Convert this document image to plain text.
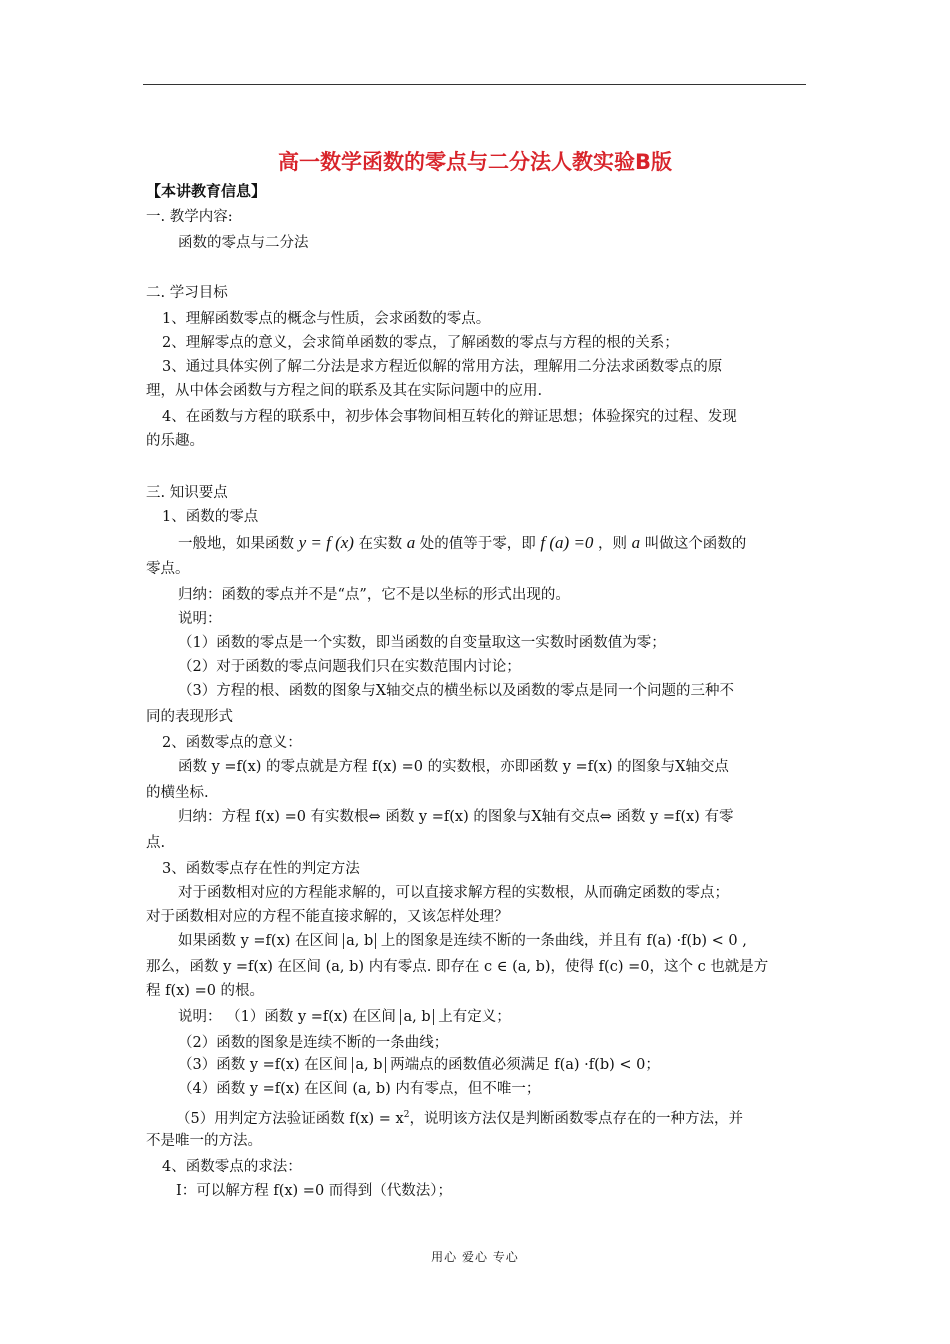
高一数学函数的零点与二分法人教实验B版
【本讲教育信息】
一. 教学内容:
函数的零点与二分法
二. 学习目标
1、理解函数零点的概念与性质，会求函数的零点。
2、理解零点的意义，会求简单函数的零点，了解函数的零点与方程的根的关系；
3、通过具体实例了解二分法是求方程近似解的常用方法，理解用二分法求函数零点的原
理，从中体会函数与方程之间的联系及其在实际问题中的应用.
4、在函数与方程的联系中，初步体会事物间相互转化的辩证思想；体验探究的过程、发现
的乐趣。
三. 知识要点
1、函数的零点
一般地，如果函数 y = f (x) 在实数 a 处的值等于零，即 f (a) =0 ，则 a 叫做这个函数的
零点。
归纳：函数的零点并不是“点”，它不是以坐标的形式出现的。
说明：
（1）函数的零点是一个实数，即当函数的自变量取这一实数时函数值为零；
（2）对于函数的零点问题我们只在实数范围内讨论；
（3）方程的根、函数的图象与X轴交点的横坐标以及函数的零点是同一个问题的三种不
同的表现形式
2、函数零点的意义：
函数 y =f(x) 的零点就是方程 f(x) =0 的实数根，亦即函数 y =f(x) 的图象与X轴交点
的横坐标.
归纳：方程 f(x) =0 有实数根⇔ 函数 y =f(x) 的图象与X轴有交点⇔ 函数 y =f(x) 有零
点.
3、函数零点存在性的判定方法
对于函数相对应的方程能求解的，可以直接求解方程的实数根，从而确定函数的零点；
对于函数相对应的方程不能直接求解的，又该怎样处理？
如果函数 y =f(x) 在区间 a, b 上的图象是连续不断的一条曲线，并且有 f(a) ·f(b) < 0 ,
那么，函数 y =f(x) 在区间 (a, b) 内有零点. 即存在 c ∈ (a, b)，使得 f(c) =0，这个 c 也就是方
程 f(x) =0 的根。
说明： （1）函数 y =f(x) 在区间 a, b 上有定义；
（2）函数的图象是连续不断的一条曲线；
（3）函数 y =f(x) 在区间 a, b 两端点的函数值必须满足 f(a) ·f(b) < 0；
（4）函数 y =f(x) 在区间 (a, b) 内有零点，但不唯一；
（5）用判定方法验证函数 $f(x) = x^2$，说明该方法仅是判断函数零点存在的一种方法，并
不是唯一的方法。
4、函数零点的求法：
Ⅰ：可以解方程 f(x) =0 而得到（代数法）；
用心 爱心 专心
